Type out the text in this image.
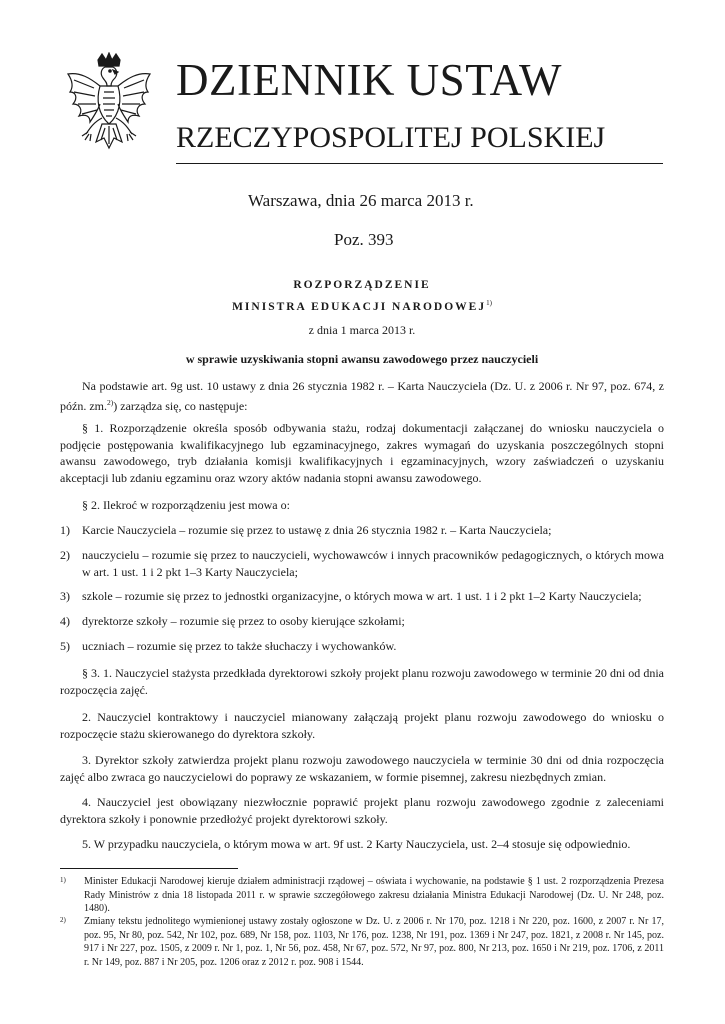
DZIENNIK USTAW
RZECZYPOSPOLITEJ POLSKIEJ
Warszawa, dnia 26 marca 2013 r.
Poz. 393
ROZPORZĄDZENIE
MINISTRA EDUKACJI NARODOWEJ$^{1)}$
z dnia 1 marca 2013 r.
w sprawie uzyskiwania stopni awansu zawodowego przez nauczycieli

Na podstawie art. 9g ust. 10 ustawy z dnia 26 stycznia 1982 r. – Karta Nauczyciela (Dz. U. z 2006 r. Nr 97, poz. 674, z późn. zm.$^{2)}$) zarządza się, co następuje:

§ 1. Rozporządzenie określa sposób odbywania stażu, rodzaj dokumentacji załączanej do wniosku nauczyciela o podjęcie postępowania kwalifikacyjnego lub egzaminacyjnego, zakres wymagań do uzyskania poszczególnych stopni awansu zawodowego, tryb działania komisji kwalifikacyjnych i egzaminacyjnych, wzory zaświadczeń o uzyskaniu akceptacji lub zdaniu egzaminu oraz wzory aktów nadania stopni awansu zawodowego.

§ 2. Ilekroć w rozporządzeniu jest mowa o:

1) Karcie Nauczyciela – rozumie się przez to ustawę z dnia 26 stycznia 1982 r. – Karta Nauczyciela;
2) nauczycielu – rozumie się przez to nauczycieli, wychowawców i innych pracowników pedagogicznych, o których mowa w art. 1 ust. 1 i 2 pkt 1–3 Karty Nauczyciela;
3) szkole – rozumie się przez to jednostki organizacyjne, o których mowa w art. 1 ust. 1 i 2 pkt 1–2 Karty Nauczyciela;
4) dyrektorze szkoły – rozumie się przez to osoby kierujące szkołami;
5) uczniach – rozumie się przez to także słuchaczy i wychowanków.

§ 3. 1. Nauczyciel stażysta przedkłada dyrektorowi szkoły projekt planu rozwoju zawodowego w terminie 20 dni od dnia rozpoczęcia zajęć.

2. Nauczyciel kontraktowy i nauczyciel mianowany załączają projekt planu rozwoju zawodowego do wniosku o rozpoczęcie stażu skierowanego do dyrektora szkoły.

3. Dyrektor szkoły zatwierdza projekt planu rozwoju zawodowego nauczyciela w terminie 30 dni od dnia rozpoczęcia zajęć albo zwraca go nauczycielowi do poprawy ze wskazaniem, w formie pisemnej, zakresu niezbędnych zmian.

4. Nauczyciel jest obowiązany niezwłocznie poprawić projekt planu rozwoju zawodowego zgodnie z zaleceniami dyrektora szkoły i ponownie przedłożyć projekt dyrektorowi szkoły.

5. W przypadku nauczyciela, o którym mowa w art. 9f ust. 2 Karty Nauczyciela, ust. 2–4 stosuje się odpowiednio.

1) Minister Edukacji Narodowej kieruje działem administracji rządowej – oświata i wychowanie, na podstawie § 1 ust. 2 rozporządzenia Prezesa Rady Ministrów z dnia 18 listopada 2011 r. w sprawie szczegółowego zakresu działania Ministra Edukacji Narodowej (Dz. U. Nr 248, poz. 1480).
2) Zmiany tekstu jednolitego wymienionej ustawy zostały ogłoszone w Dz. U. z 2006 r. Nr 170, poz. 1218 i Nr 220, poz. 1600, z 2007 r. Nr 17, poz. 95, Nr 80, poz. 542, Nr 102, poz. 689, Nr 158, poz. 1103, Nr 176, poz. 1238, Nr 191, poz. 1369 i Nr 247, poz. 1821, z 2008 r. Nr 145, poz. 917 i Nr 227, poz. 1505, z 2009 r. Nr 1, poz. 1, Nr 56, poz. 458, Nr 67, poz. 572, Nr 97, poz. 800, Nr 213, poz. 1650 i Nr 219, poz. 1706, z 2011 r. Nr 149, poz. 887 i Nr 205, poz. 1206 oraz z 2012 r. poz. 908 i 1544.
